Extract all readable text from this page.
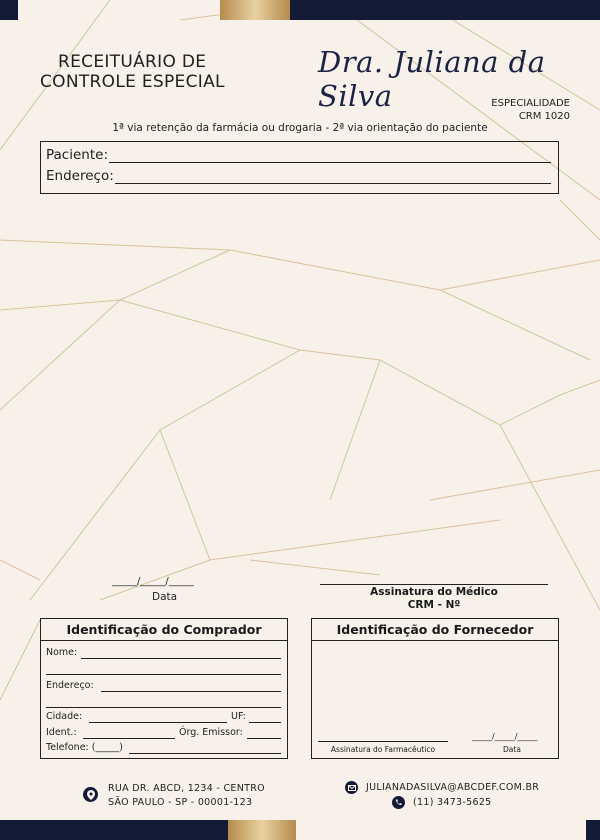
RECEITUÁRIO DE
CONTROLE ESPECIAL
Dra. Juliana da Silva	ESPECIALIDADE
CRM 1020
1ª via retenção da farmácia ou drogaria - 2ª via orientação do paciente
Paciente:
Endereço:
_____/_____/_____
Data	Assinatura do Médico
CRM - Nº
Identificação do Comprador
Nome:
Endereço:
Cidade:	UF:
Ident.:	Órg. Emissor:
Telefone: (_____)
Identificação do Fornecedor
Assinatura do Farmacêutico
_____/_____/_____
Data
RUA DR. ABCD, 1234 - CENTRO
SÃO PAULO - SP - 00001-123
JULIANADASILVA@ABCDEF.COM.BR
(11) 3473-5625
